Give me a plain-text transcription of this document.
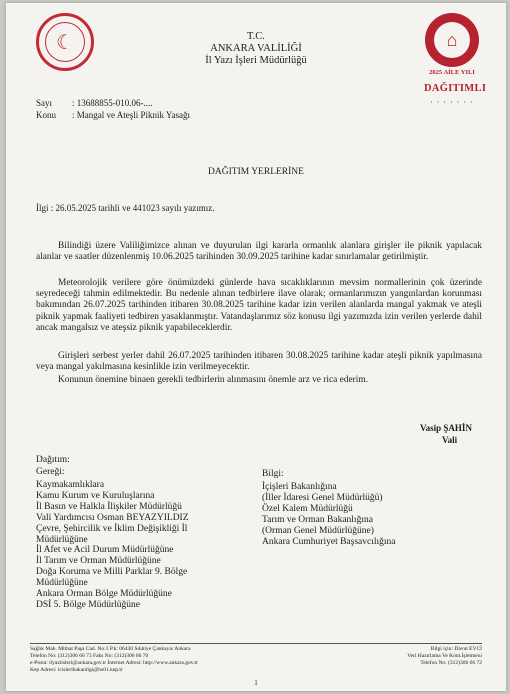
☾	T.C.
ANKARA VALİLİĞİ
İl Yazı İşleri Müdürlüğü
⌂
2025 AİLE YILI
DAĞITIMLI
· · · · · · ·
Sayı : 13688855-010.06-....
Konu : Mangal ve Ateşli Piknik Yasağı
DAĞITIM YERLERİNE
İlgi : 26.05.2025 tarihli ve 441023 sayılı yazımız.
Bilindiği üzere Valiliğimizce alınan ve duyurulan ilgi kararla ormanlık alanlara girişler ile piknik yapılacak alanlar ve saatler düzenlenmiş 10.06.2025 tarihinden 30.09.2025 tarihine kadar sınırlamalar getirilmiştir.
Meteorolojik verilere göre önümüzdeki günlerde hava sıcaklıklarının mevsim normallerinin çok üzerinde seyredeceği tahmin edilmektedir. Bu nedenle alınan tedbirlere ilave olarak; ormanlarımızın yangınlardan korunması bakımından 26.07.2025 tarihinden itibaren 30.08.2025 tarihine kadar izin verilen alanlarda mangal yakmak ve ateşli piknik yapmak faaliyeti tedbiren yasaklanmıştır. Vatandaşlarımız söz konusu ilgi yazımızda izin verilen yerlerde dahil ancak mangalsız ve ateşsiz piknik yapabileceklerdir.
Girişleri serbest yerler dahil 26.07.2025 tarihinden itibaren 30.08.2025 tarihine kadar ateşli piknik yapılmasına veya mangal yakılmasına kesinlikle izin verilmeyecektir.
Konunun önemine binaen gerekli tedbirlerin alınmasını önemle arz ve rica ederim.
Vasip ŞAHİN
Vali
Dağıtım:
Gereği:
Kaymakamlıklara
Kamu Kurum ve Kuruluşlarına
İl Basın ve Halkla İlişkiler Müdürlüğü
Vali Yardımcısı Osman BEYAZYILDIZ
Çevre, Şehircilik ve İklim Değişikliği İl
Müdürlüğüne
İl Afet ve Acil Durum Müdürlüğüne
İl Tarım ve Orman Müdürlüğüne
Doğa Koruma ve Milli Parklar 9. Bölge
Müdürlüğüne
Ankara Orman Bölge Müdürlüğüne
DSİ 5. Bölge Müdürlüğüne
Bilgi:
İçişleri Bakanlığına
(İller İdaresi Genel Müdürlüğü)
Özel Kalem Müdürlüğü
Tarım ve Orman Bakanlığına
(Orman Genel Müdürlüğüne)
Ankara Cumhuriyet Başsavcılığına
Sağlık Mah. Mithat Paşa Cad. No:3 P.k: 06430 Sıhhiye Çankaya/ Ankara
Telefon No: (312)306 66 73 Faks No: (312)306 66 70
e-Posta: ilyaziisleri@ankara.gov.tr İnternet Adresi: http://www.ankara.gov.tr
Kep Adresi: icisleribakanligi@hs01.kep.tr
Bilgi için: Davut EVCİ
Veri Hazırlama Ve Kont.İşletmeni
Telefon No: (312)306 66 72
1
